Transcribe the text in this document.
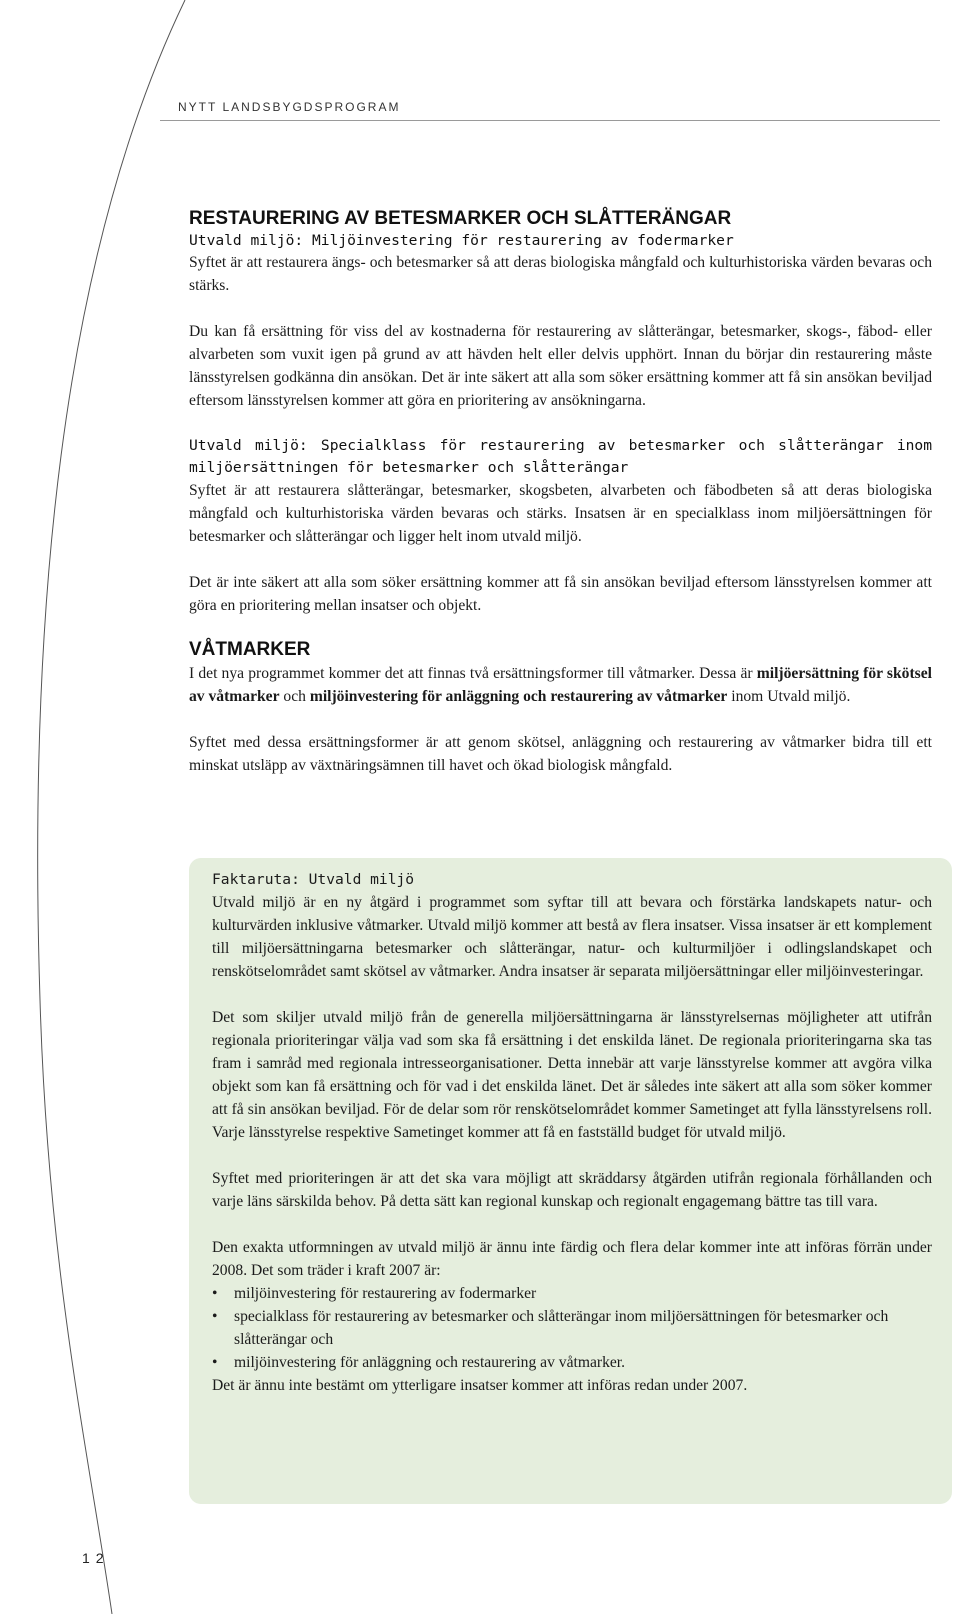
NYTT LANDSBYGDSPROGRAM
RESTAURERING AV BETESMARKER OCH SLÅTTERÄNGAR

Utvald miljö: Miljöinvestering för restaurering av fodermarker

Syftet är att restaurera ängs- och betesmarker så att deras biologiska mångfald och kulturhistoriska värden bevaras och stärks.

Du kan få ersättning för viss del av kostnaderna för restaurering av slåtterängar, betesmarker, skogs-, fäbod- eller alvarbeten som vuxit igen på grund av att hävden helt eller delvis upphört. Innan du börjar din restaurering måste länsstyrelsen godkänna din ansökan. Det är inte säkert att alla som söker ersättning kommer att få sin ansökan beviljad eftersom länsstyrelsen kommer att göra en prioritering av ansökningarna.

Utvald miljö: Specialklass för restaurering av betesmarker och slåtterängar inom miljöersättningen för betesmarker och slåtterängar

Syftet är att restaurera slåtterängar, betesmarker, skogsbeten, alvarbeten och fäbodbeten så att deras biologiska mångfald och kulturhistoriska värden bevaras och stärks. Insatsen är en specialklass inom miljöersättningen för betesmarker och slåtterängar och ligger helt inom utvald miljö.

Det är inte säkert att alla som söker ersättning kommer att få sin ansökan beviljad eftersom länsstyrelsen kommer att göra en prioritering mellan insatser och objekt.

VÅTMARKER

I det nya programmet kommer det att finnas två ersättningsformer till våtmarker. Dessa är miljöersättning för skötsel av våtmarker och miljöinvestering för anläggning och restaurering av våtmarker inom Utvald miljö.

Syftet med dessa ersättningsformer är att genom skötsel, anläggning och restaurering av våtmarker bidra till ett minskat utsläpp av växtnäringsämnen till havet och ökad biologisk mångfald.

Faktaruta: Utvald miljö

Utvald miljö är en ny åtgärd i programmet som syftar till att bevara och förstärka landskapets natur- och kulturvärden inklusive våtmarker. Utvald miljö kommer att bestå av flera insatser. Vissa insatser är ett komplement till miljöersättningarna betesmarker och slåtterängar, natur- och kulturmiljöer i odlingslandskapet och renskötselområdet samt skötsel av våtmarker. Andra insatser är separata miljöersättningar eller miljöinvesteringar.

Det som skiljer utvald miljö från de generella miljöersättningarna är länsstyrelsernas möjligheter att utifrån regionala prioriteringar välja vad som ska få ersättning i det enskilda länet. De regionala prioriteringarna ska tas fram i samråd med regionala intresseorganisationer. Detta innebär att varje länsstyrelse kommer att avgöra vilka objekt som kan få ersättning och för vad i det enskilda länet. Det är således inte säkert att alla som söker kommer att få sin ansökan beviljad. För de delar som rör renskötselområdet kommer Sametinget att fylla länsstyrelsens roll. Varje länsstyrelse respektive Sametinget kommer att få en fastställd budget för utvald miljö.

Syftet med prioriteringen är att det ska vara möjligt att skräddarsy åtgärden utifrån regionala förhållanden och varje läns särskilda behov. På detta sätt kan regional kunskap och regionalt engagemang bättre tas till vara.

Den exakta utformningen av utvald miljö är ännu inte färdig och flera delar kommer inte att införas förrän under 2008. Det som träder i kraft 2007 är:

• miljöinvestering för restaurering av fodermarker
• specialklass för restaurering av betesmarker och slåtterängar inom miljöersättningen för betesmarker och slåtterängar och
• miljöinvestering för anläggning och restaurering av våtmarker.

Det är ännu inte bestämt om ytterligare insatser kommer att införas redan under 2007.

12
